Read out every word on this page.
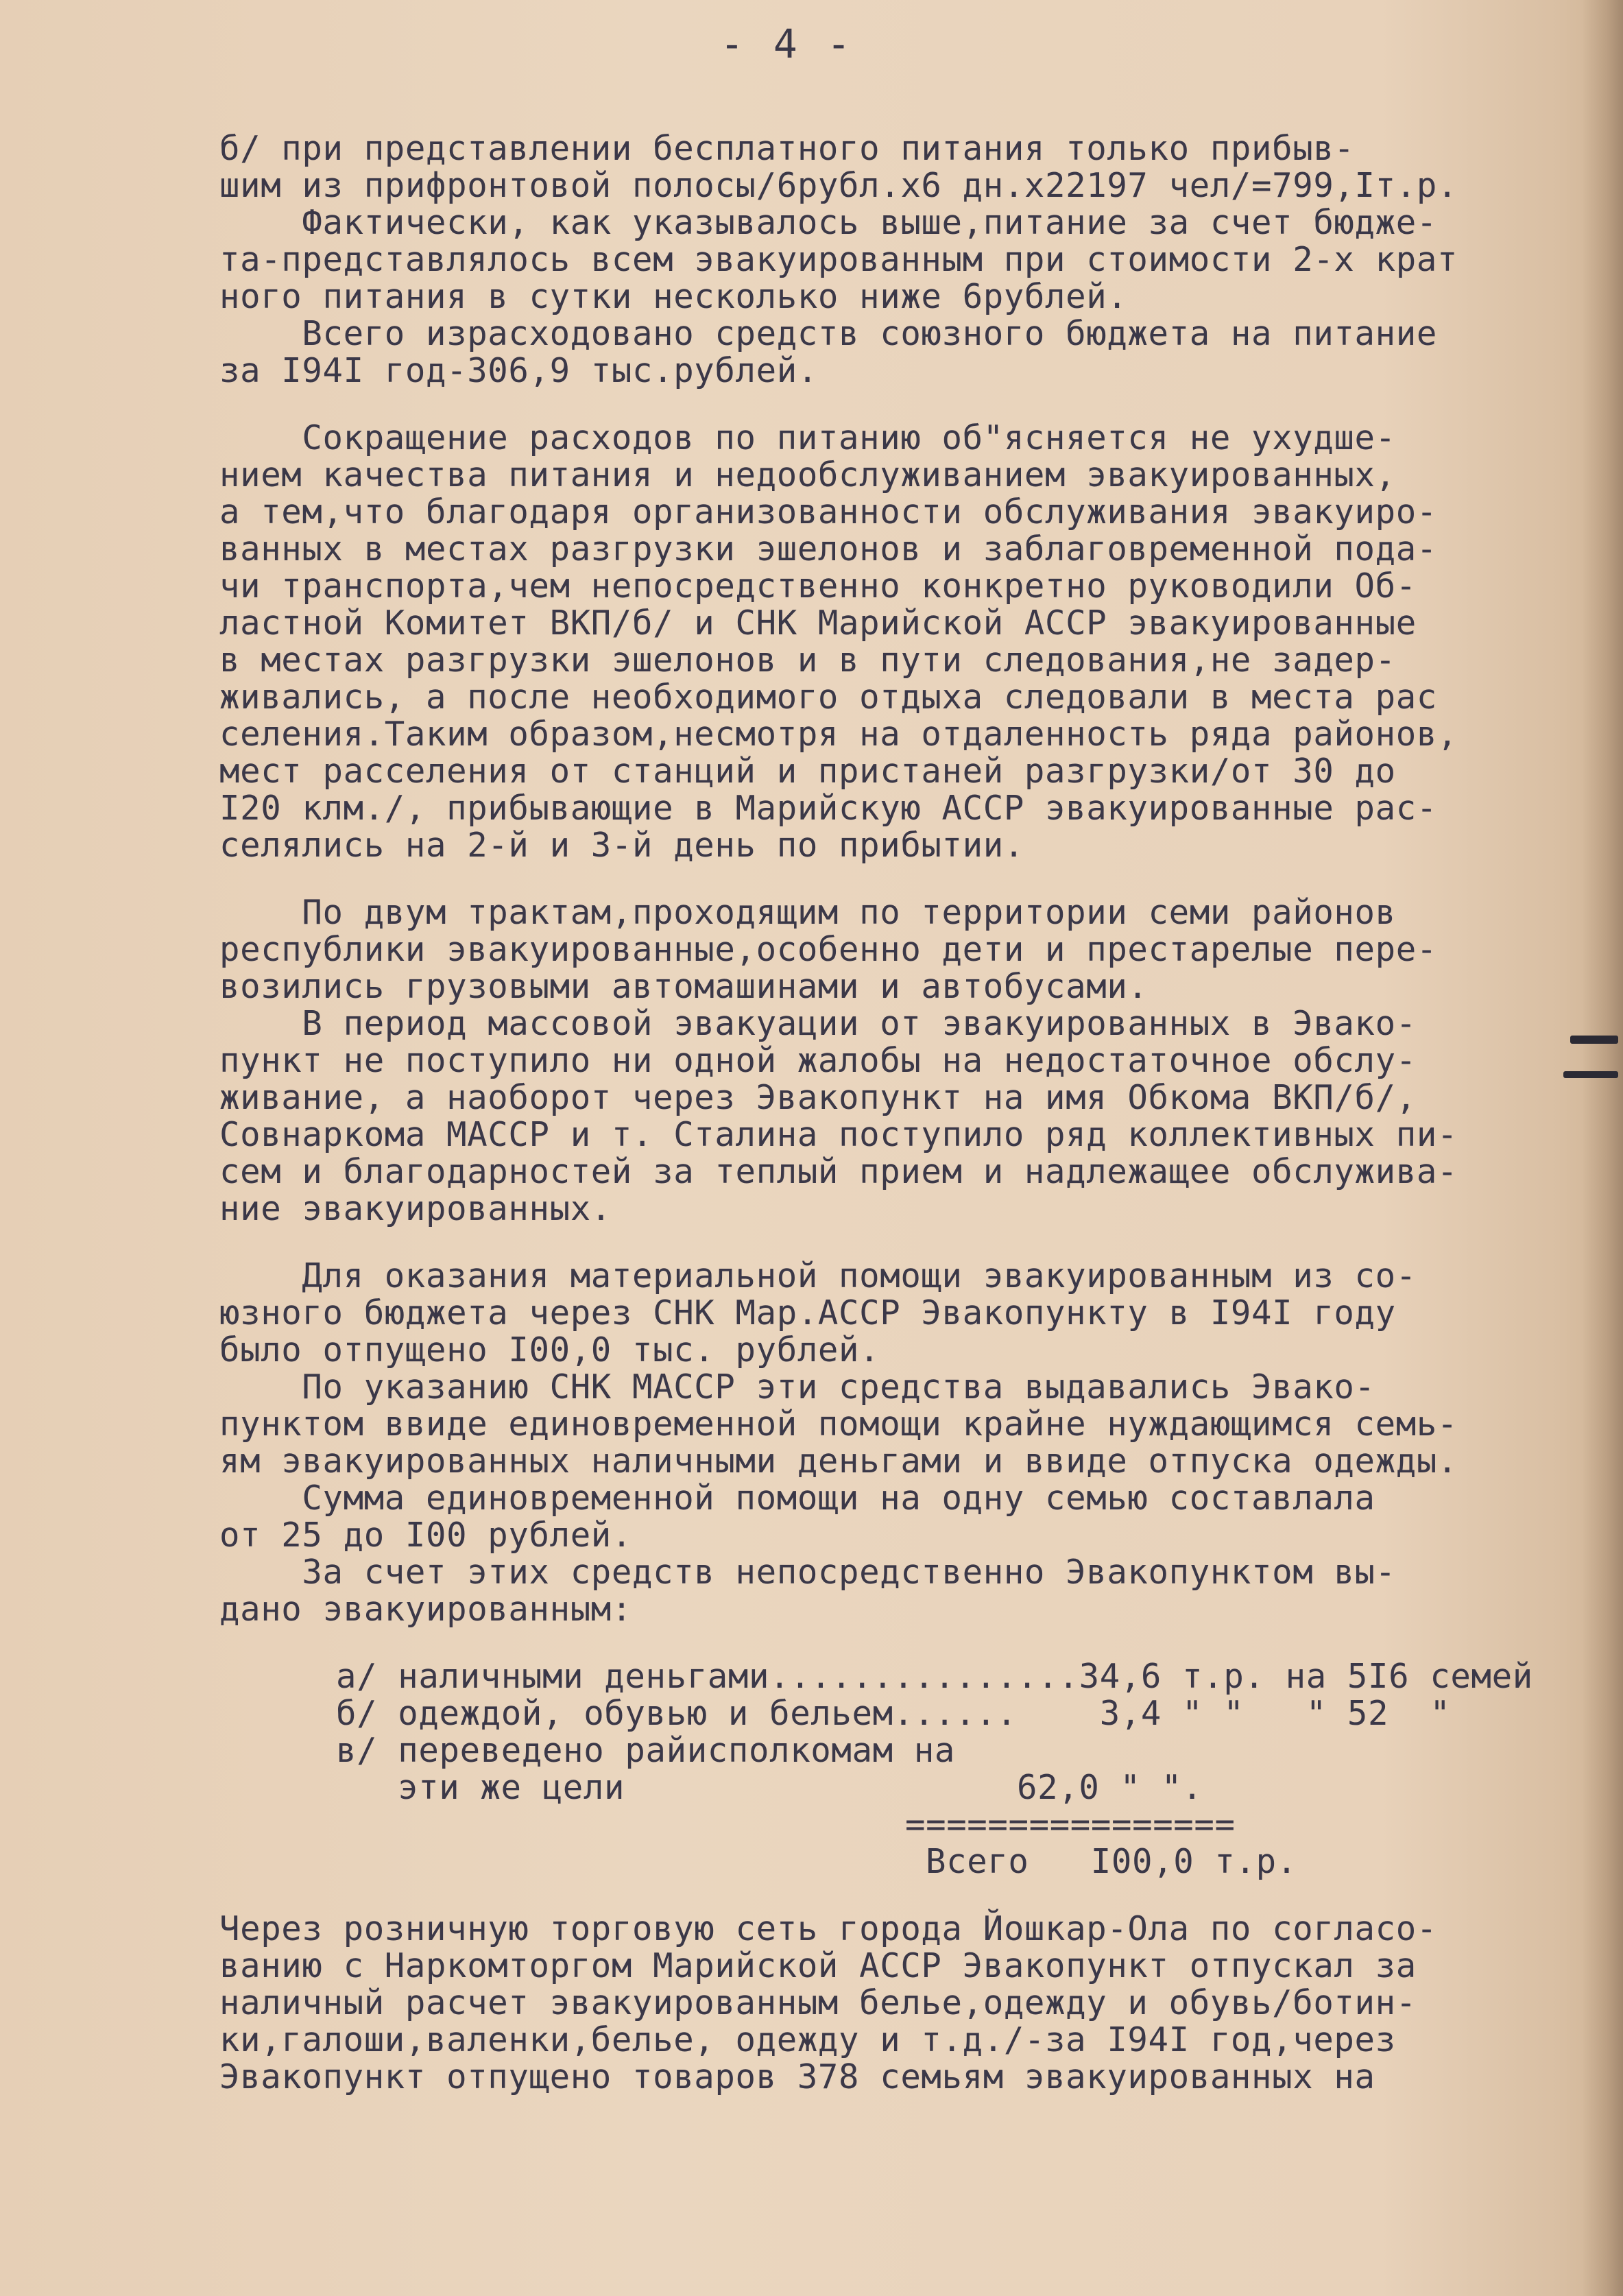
- 4 -
б/ при представлении бесплатного питания только прибыв-
шим из прифронтовой полосы/6рубл.х6 дн.х22197 чел/=799,Iт.р.
Фактически, как указывалось выше,питание за счет бюдже-
та-представлялось всем эвакуированным при стоимости 2-х крат
ного питания в сутки несколько ниже 6рублей.
Всего израсходовано средств союзного бюджета на питание
за I94I год-306,9 тыс.рублей.
Сокращение расходов по питанию об"ясняется не ухудше-
нием качества питания и недообслуживанием эвакуированных,
а тем,что благодаря организованности обслуживания эвакуиро-
ванных в местах разгрузки эшелонов и заблаговременной пода-
чи транспорта,чем непосредственно конкретно руководили Об-
ластной Комитет ВКП/б/ и СНК Марийской АССР эвакуированные
в местах разгрузки эшелонов и в пути следования,не задер-
живались, а после необходимого отдыха следовали в места рас
селения.Таким образом,несмотря на отдаленность ряда районов,
мест расселения от станций и пристаней разгрузки/от 30 до
I20 клм./, прибывающие в Марийскую АССР эвакуированные рас-
селялись на 2-й и 3-й день по прибытии.
По двум трактам,проходящим по территории семи районов
республики эвакуированные,особенно дети и престарелые пере-
возились грузовыми автомашинами и автобусами.
В период массовой эвакуации от эвакуированных в Эвако-
пункт не поступило ни одной жалобы на недостаточное обслу-
живание, а наоборот через Эвакопункт на имя Обкома ВКП/б/,
Совнаркома МАССР и т. Сталина поступило ряд коллективных пи-
сем и благодарностей за теплый прием и надлежащее обслужива-
ние эвакуированных.
Для оказания материальной помощи эвакуированным из со-
юзного бюджета через СНК Мар.АССР Эвакопункту в I94I году
было отпущено I00,0 тыс. рублей.
По указанию СНК МАССР эти средства выдавались Эвако-
пунктом ввиде единовременной помощи крайне нуждающимся семь-
ям эвакуированных наличными деньгами и ввиде отпуска одежды.
Сумма единовременной помощи на одну семью составлала
от 25 до I00 рублей.
За счет этих средств непосредственно Эвакопунктом вы-
дано эвакуированным:
а/ наличными деньгами...............34,6 т.р. на 5I6 семей
б/ одеждой, обувью и бельем......    3,4 " "   " 52  "
в/ переведено райисполкомам на
эти же цели                   62,0 " ".
================
Всего   I00,0 т.р.
Через розничную торговую сеть города Йошкар-Ола по согласо-
ванию с Наркомторгом Марийской АССР Эвакопункт отпускал за
наличный расчет эвакуированным белье,одежду и обувь/ботин-
ки,галоши,валенки,белье, одежду и т.д./-за I94I год,через
Эвакопункт отпущено товаров 378 семьям эвакуированных на
